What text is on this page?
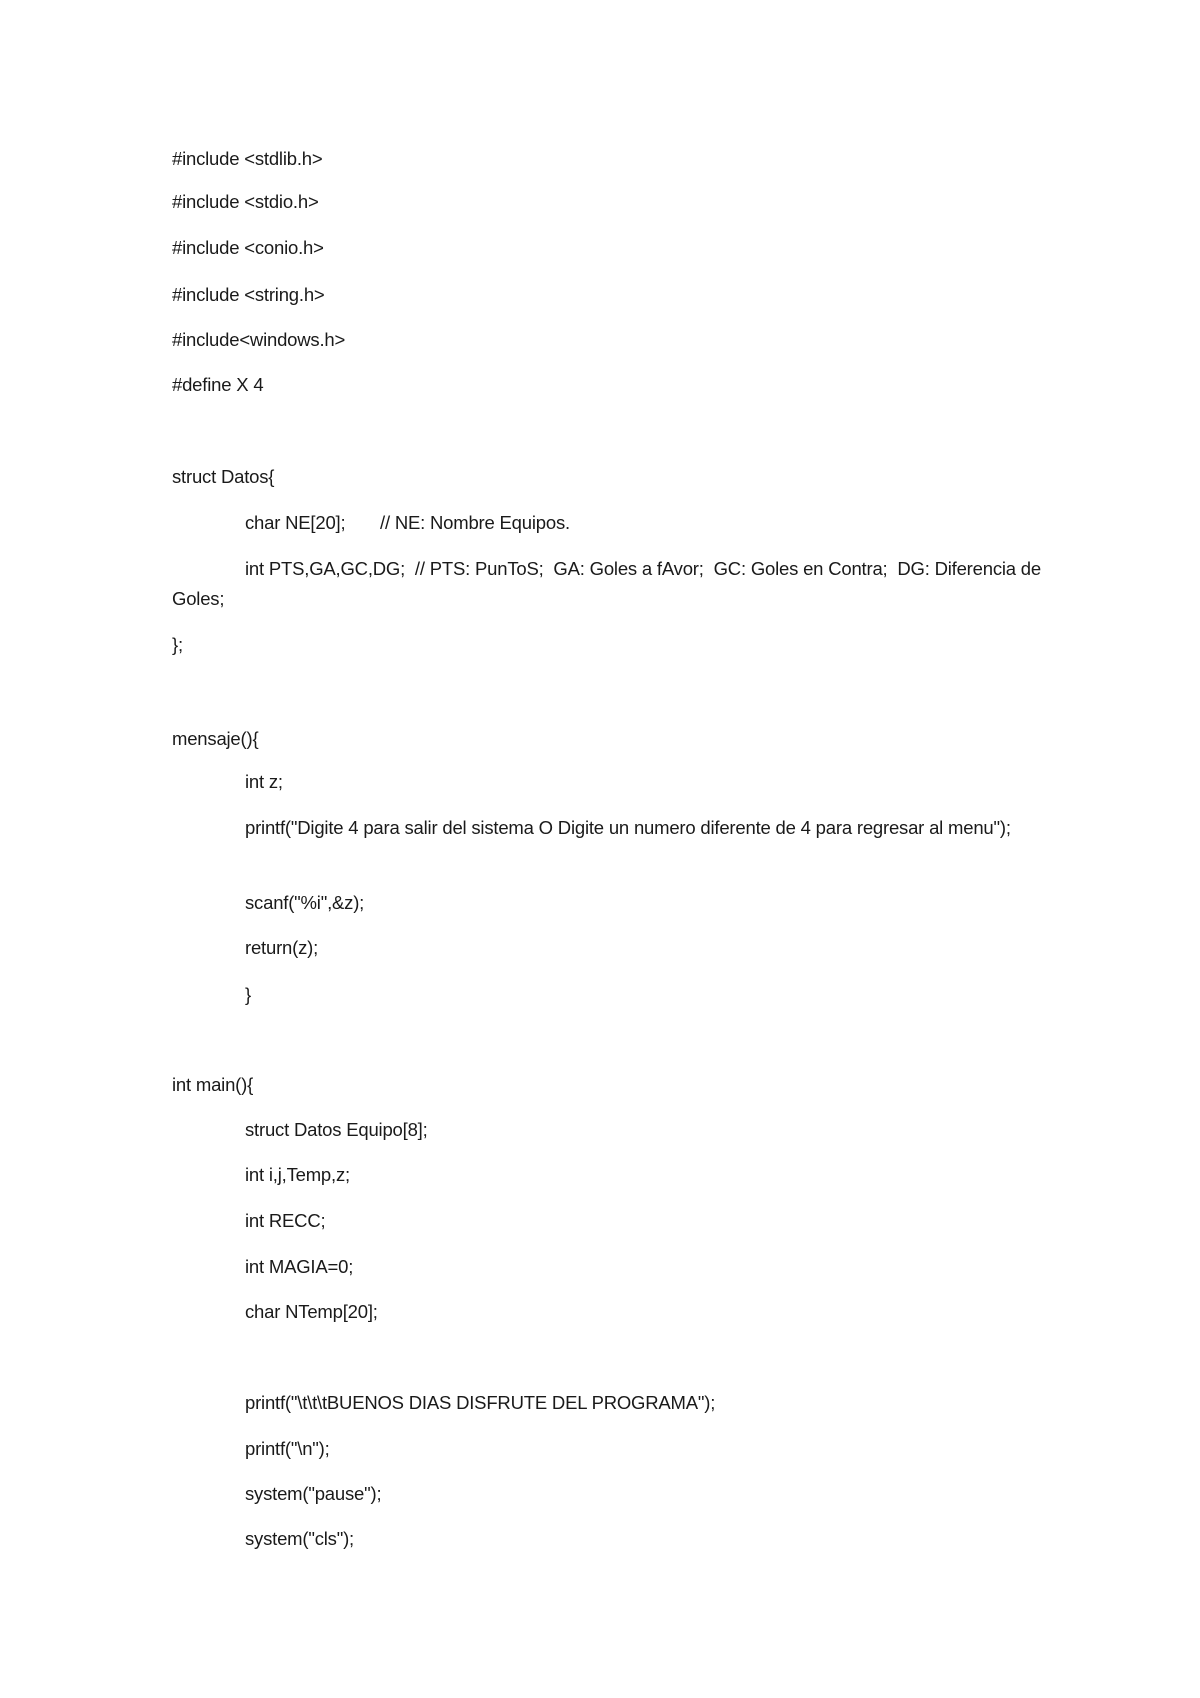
#include <stdlib.h>
#include <stdio.h>
#include <conio.h>
#include <string.h>
#include<windows.h>
#define X 4
struct Datos{
char NE[20];       // NE: Nombre Equipos.
int PTS,GA,GC,DG;  // PTS: PunToS;  GA: Goles a fAvor;  GC: Goles en Contra;  DG: Diferencia de Goles;
};
mensaje(){
int z;
printf("Digite 4 para salir del sistema O Digite un numero diferente de 4 para regresar al menu");
scanf("%i",&z);
return(z);
}
int main(){
struct Datos Equipo[8];
int i,j,Temp,z;
int RECC;
int MAGIA=0;
char NTemp[20];
printf("\t\t\tBUENOS DIAS DISFRUTE DEL PROGRAMA");
printf("\n");
system("pause");
system("cls");
